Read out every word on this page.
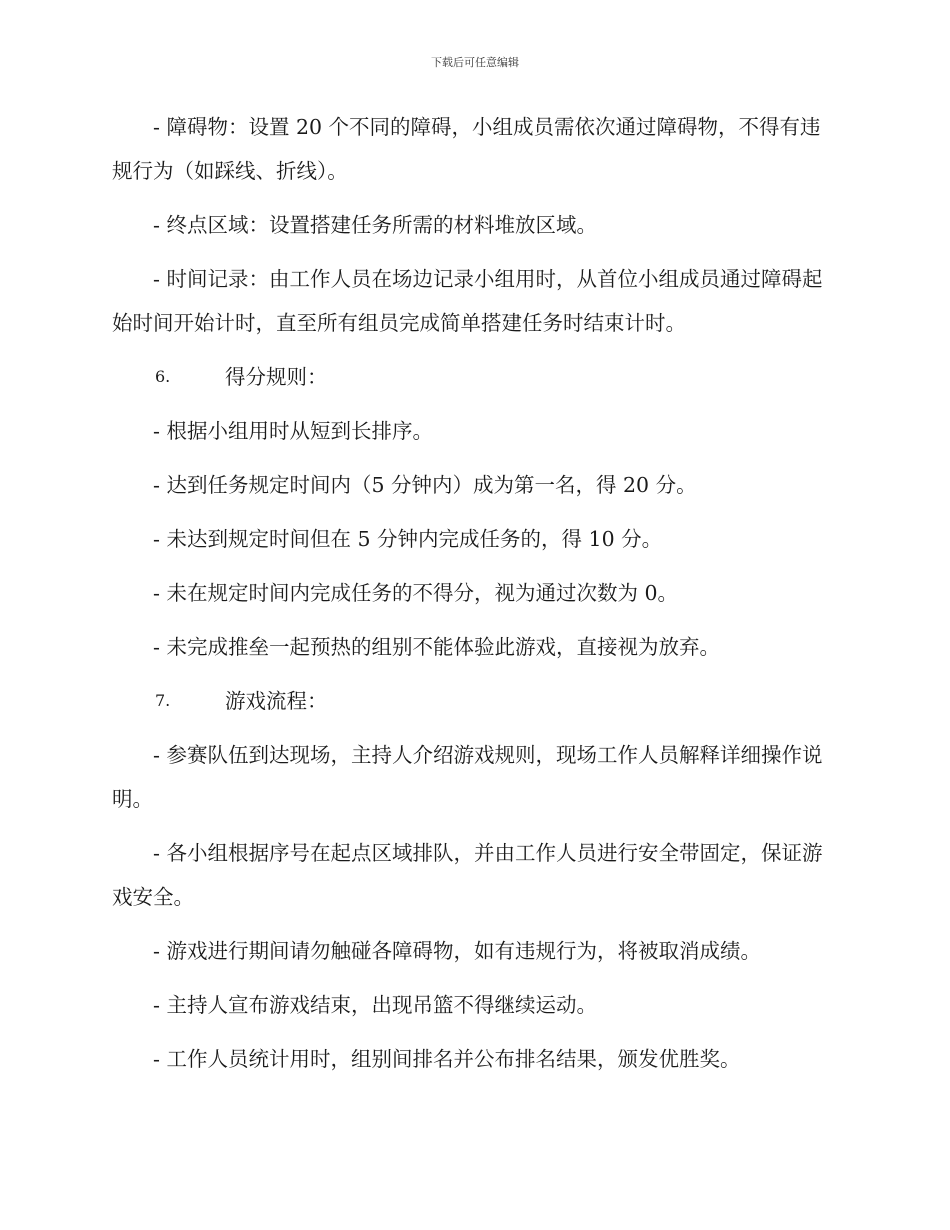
下载后可任意编辑

- 障碍物：设置 20 个不同的障碍，小组成员需依次通过障碍物，不得有违规行为（如踩线、折线）。

- 终点区域：设置搭建任务所需的材料堆放区域。

- 时间记录：由工作人员在场边记录小组用时，从首位小组成员通过障碍起始时间开始计时，直至所有组员完成简单搭建任务时结束计时。

6.	得分规则：

- 根据小组用时从短到长排序。

- 达到任务规定时间内（5 分钟内）成为第一名，得 20 分。

- 未达到规定时间但在 5 分钟内完成任务的，得 10 分。

- 未在规定时间内完成任务的不得分，视为通过次数为 0。

- 未完成推垒一起预热的组别不能体验此游戏，直接视为放弃。

7.	游戏流程：

- 参赛队伍到达现场，主持人介绍游戏规则，现场工作人员解释详细操作说明。

- 各小组根据序号在起点区域排队，并由工作人员进行安全带固定，保证游戏安全。

- 游戏进行期间请勿触碰各障碍物，如有违规行为，将被取消成绩。

- 主持人宣布游戏结束，出现吊篮不得继续运动。

- 工作人员统计用时，组别间排名并公布排名结果，颁发优胜奖。
